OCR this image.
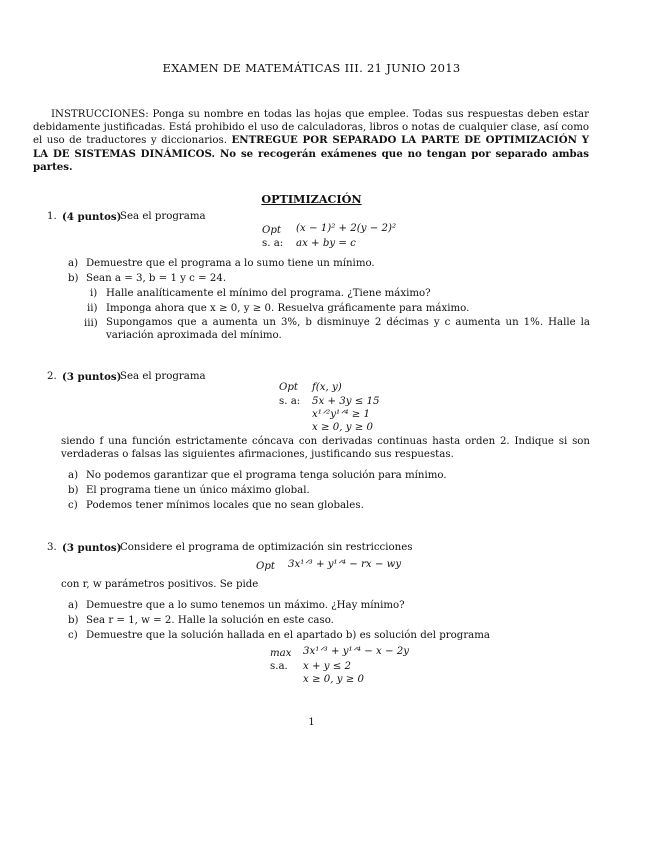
EXAMEN DE MATEMÁTICAS III. 21 JUNIO 2013
INSTRUCCIONES: Ponga su nombre en todas las hojas que emplee. Todas sus respuestas deben estar debidamente justificadas. Está prohibido el uso de calculadoras, libros o notas de cualquier clase, así como el uso de traductores y diccionarios. ENTREGUE POR SEPARADO LA PARTE DE OPTIMIZACIÓN Y LA DE SISTEMAS DINÁMICOS. No se recogerán exámenes que no tengan por separado ambas partes.
OPTIMIZACIÓN
1. (4 puntos)
Sea el programa
Opt (x − 1)² + 2(y − 2)²
s. a: ax + by = c
a) Demuestre que el programa a lo sumo tiene un mínimo.
b) Sean a = 3, b = 1 y c = 24.
i) Halle analíticamente el mínimo del programa. ¿Tiene máximo?
ii) Imponga ahora que x ≥ 0, y ≥ 0. Resuelva gráficamente para máximo.
iii) Supongamos que a aumenta un 3%, b disminuye 2 décimas y c aumenta un 1%. Halle la variación aproximada del mínimo.
2. (3 puntos)
Sea el programa
Opt f(x, y)
s. a: 5x + 3y ≤ 15
x¹ᐟ²y¹ᐟ⁴ ≥ 1
x ≥ 0, y ≥ 0
siendo f una función estrictamente cóncava con derivadas continuas hasta orden 2. Indique si son verdaderas o falsas las siguientes afirmaciones, justificando sus respuestas.
a) No podemos garantizar que el programa tenga solución para mínimo.
b) El programa tiene un único máximo global.
c) Podemos tener mínimos locales que no sean globales.
3. (3 puntos)
Considere el programa de optimización sin restricciones
Opt 3x¹ᐟ³ + y¹ᐟ⁴ − rx − wy
con r, w parámetros positivos. Se pide
a) Demuestre que a lo sumo tenemos un máximo. ¿Hay mínimo?
b) Sea r = 1, w = 2. Halle la solución en este caso.
c) Demuestre que la solución hallada en el apartado b) es solución del programa
max 3x¹ᐟ³ + y¹ᐟ⁴ − x − 2y
s.a. x + y ≤ 2
x ≥ 0, y ≥ 0
1
